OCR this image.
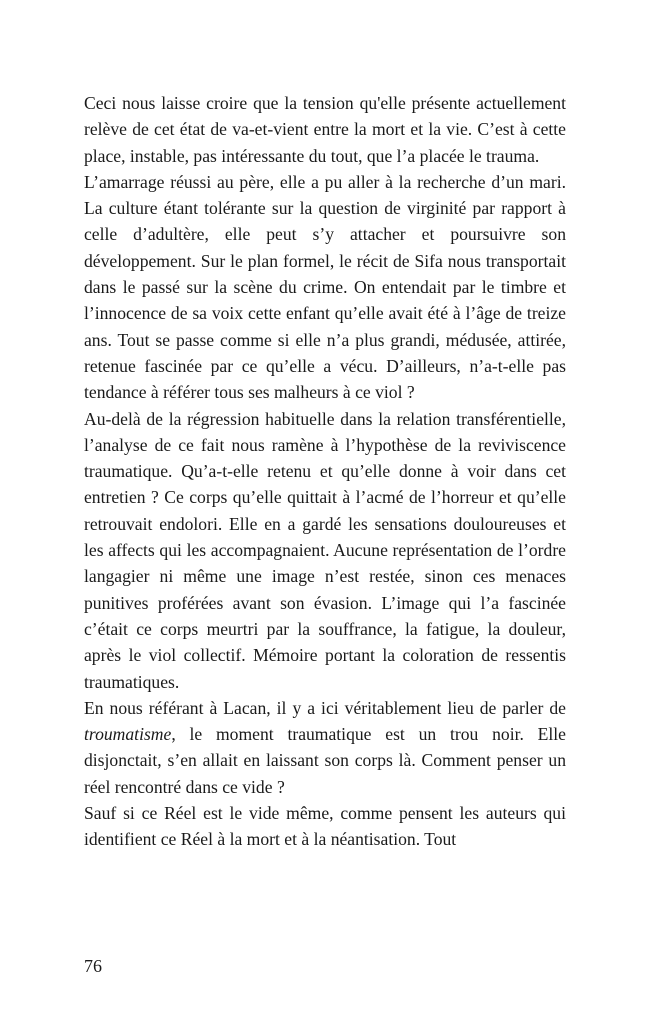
Ceci nous laisse croire que la tension qu'elle présente actuellement relève de cet état de va-et-vient entre la mort et la vie. C’est à cette place, instable, pas intéressante du tout, que l’a placée le trauma.

L’amarrage réussi au père, elle a pu aller à la recherche d’un mari. La culture étant tolérante sur la question de virginité par rapport à celle d’adultère, elle peut s’y attacher et poursuivre son développement. Sur le plan formel, le récit de Sifa nous transportait dans le passé sur la scène du crime. On entendait par le timbre et l’innocence de sa voix cette enfant qu’elle avait été à l’âge de treize ans. Tout se passe comme si elle n’a plus grandi, médusée, attirée, retenue fascinée par ce qu’elle a vécu. D’ailleurs, n’a-t-elle pas tendance à référer tous ses malheurs à ce viol ?

Au-delà de la régression habituelle dans la relation transférentielle, l’analyse de ce fait nous ramène à l’hypothèse de la reviviscence traumatique. Qu’a-t-elle retenu et qu’elle donne à voir dans cet entretien ? Ce corps qu’elle quittait à l’acmé de l’horreur et qu’elle retrouvait endolori. Elle en a gardé les sensations douloureuses et les affects qui les accompagnaient. Aucune représentation de l’ordre langagier ni même une image n’est restée, sinon ces menaces punitives proférées avant son évasion. L’image qui l’a fascinée c’était ce corps meurtri par la souffrance, la fatigue, la douleur, après le viol collectif. Mémoire portant la coloration de ressentis traumatiques.

En nous référant à Lacan, il y a ici véritablement lieu de parler de troumatisme, le moment traumatique est un trou noir. Elle disjonctait, s’en allait en laissant son corps là. Comment penser un réel rencontré dans ce vide ?

Sauf si ce Réel est le vide même, comme pensent les auteurs qui identifient ce Réel à la mort et à la néantisation. Tout

76
